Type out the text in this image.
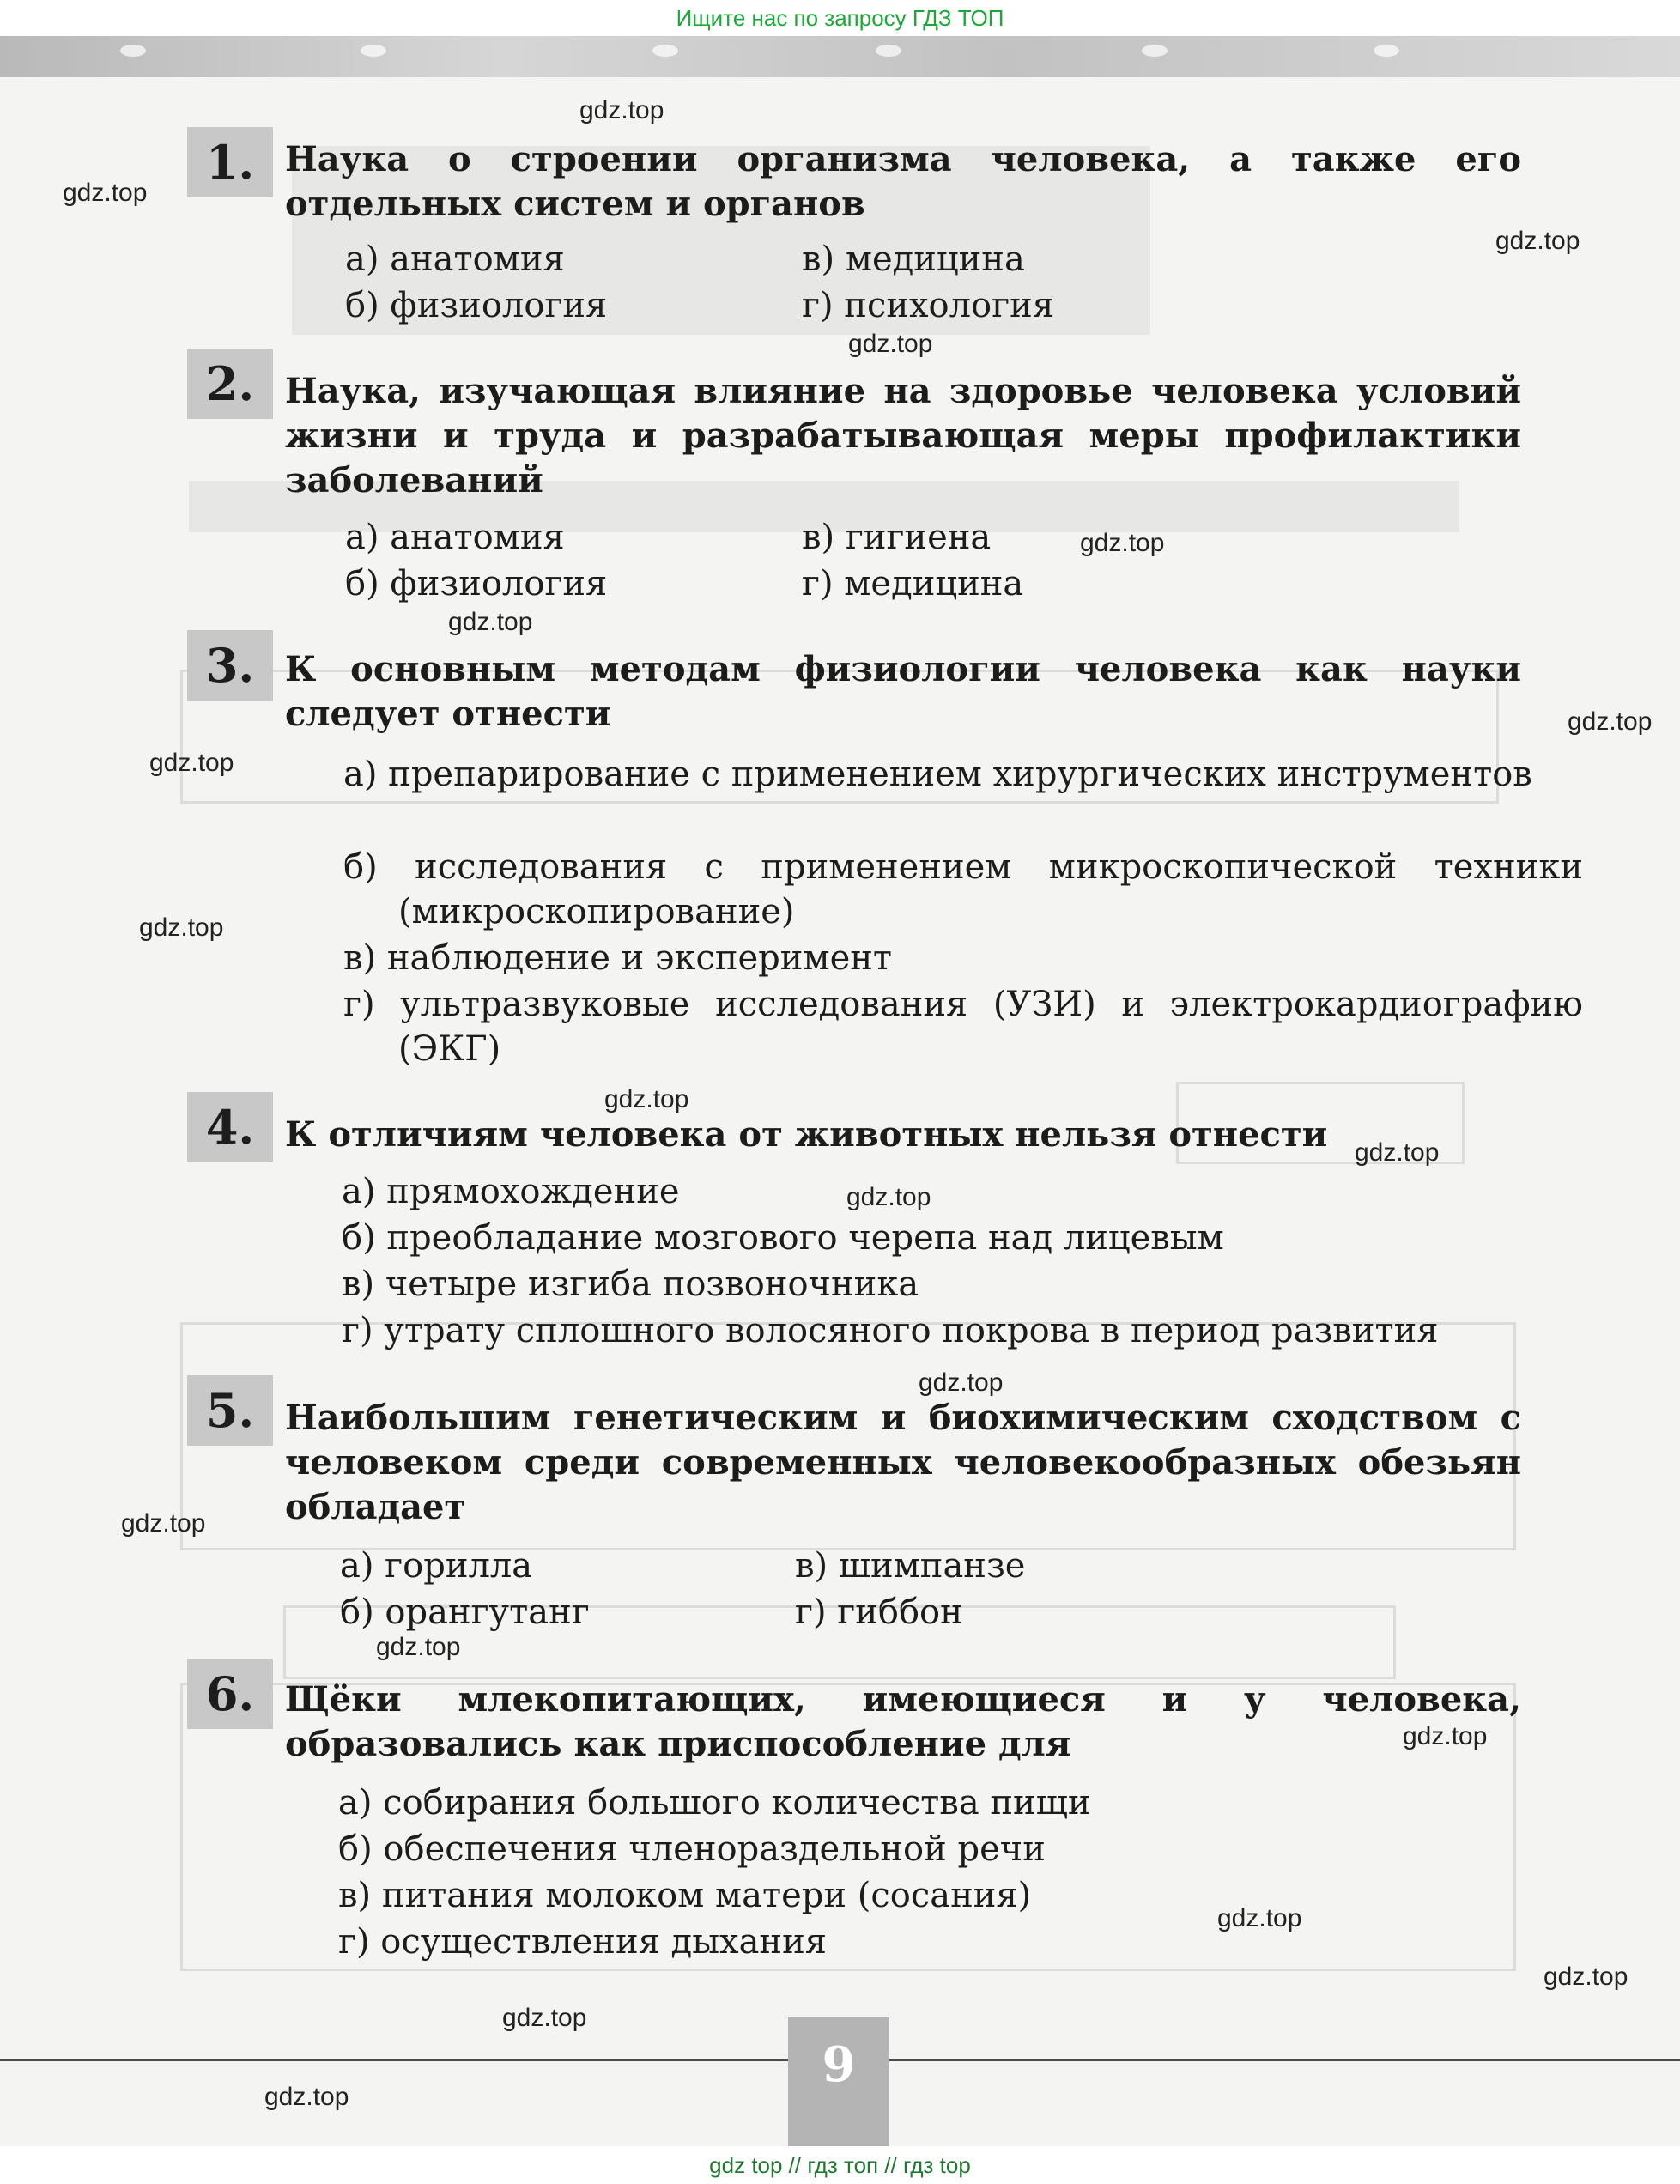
Ищите нас по запросу ГДЗ ТОП
1. Наука о строении организма человека, а также его отдельных систем и органов
а) анатомия
б) физиология
в) медицина
г) психология
2. Наука, изучающая влияние на здоровье человека условий жизни и труда и разрабатывающая меры профилактики заболеваний
а) анатомия
б) физиология
в) гигиена
г) медицина
3. К основным методам физиологии человека как науки следует отнести
а) препарирование с применением хирургических инструментов
б) исследования с применением микроскопической техники (микроскопирование)
в) наблюдение и эксперимент
г) ультразвуковые исследования (УЗИ) и электрокардиографию (ЭКГ)
4. К отличиям человека от животных нельзя отнести
а) прямохождение
б) преобладание мозгового черепа над лицевым
в) четыре изгиба позвоночника
г) утрату сплошного волосяного покрова в период развития
5. Наибольшим генетическим и биохимическим сходством с человеком среди современных человекообразных обезьян обладает
а) горилла
б) орангутанг
в) шимпанзе
г) гиббон
6. Щёки млекопитающих, имеющиеся и у человека, образовались как приспособление для
а) собирания большого количества пищи
б) обеспечения членораздельной речи
в) питания молоком матери (сосания)
г) осуществления дыхания
gdz.top
gdz.top
gdz.top
gdz.top
gdz.top
gdz.top
gdz.top
gdz.top
gdz.top
gdz.top
gdz.top
gdz.top
gdz.top
gdz.top
gdz.top
gdz.top
gdz.top
gdz.top
gdz.top
gdz.top
9
gdz top // гдз топ // гдз top
